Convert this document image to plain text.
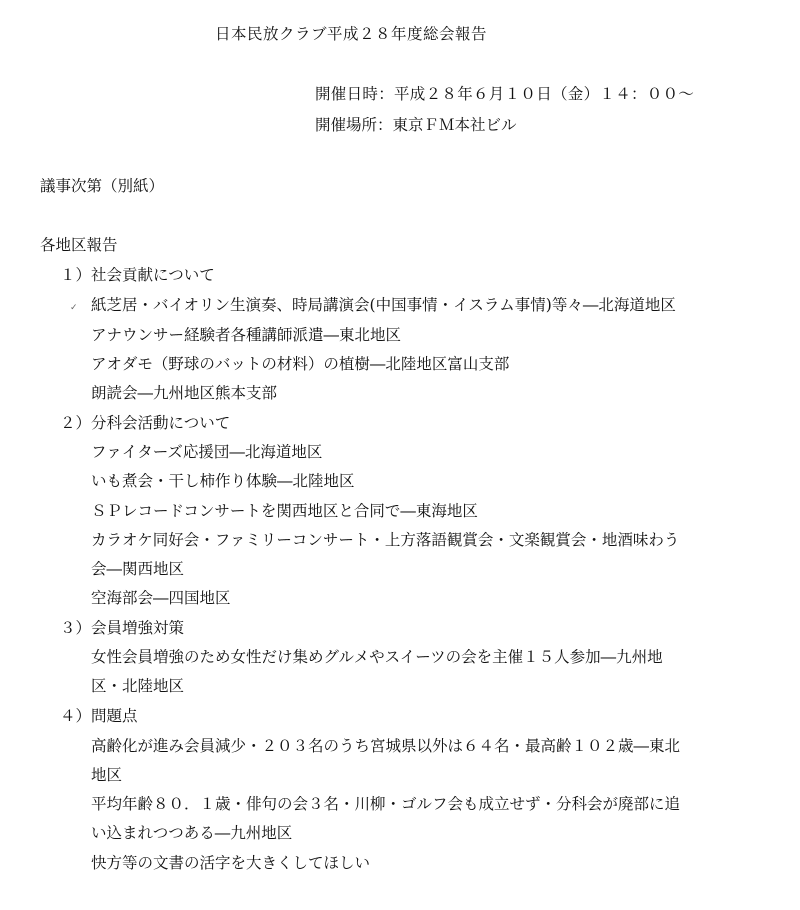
日本民放クラブ平成２８年度総会報告
開催日時：平成２８年６月１０日（金）１４：００～
開催場所：東京ＦＭ本社ビル
議事次第（別紙）
各地区報告
✓
１）社会貢献について
紙芝居・バイオリン生演奏、時局講演会(中国事情・イスラム事情)等々―北海道地区
アナウンサー経験者各種講師派遣―東北地区
アオダモ（野球のバットの材料）の植樹―北陸地区富山支部
朗読会―九州地区熊本支部
２）分科会活動について
ファイターズ応援団―北海道地区
いも煮会・干し柿作り体験―北陸地区
ＳＰレコードコンサートを関西地区と合同で―東海地区
カラオケ同好会・ファミリーコンサート・上方落語観賞会・文楽観賞会・地酒味わう
会―関西地区
空海部会―四国地区
３）会員増強対策
女性会員増強のため女性だけ集めグルメやスイーツの会を主催１５人参加―九州地
区・北陸地区
４）問題点
高齢化が進み会員減少・２０３名のうち宮城県以外は６４名・最高齢１０２歳―東北
地区
平均年齢８０．１歳・俳句の会３名・川柳・ゴルフ会も成立せず・分科会が廃部に追
い込まれつつある―九州地区
快方等の文書の活字を大きくしてほしい
